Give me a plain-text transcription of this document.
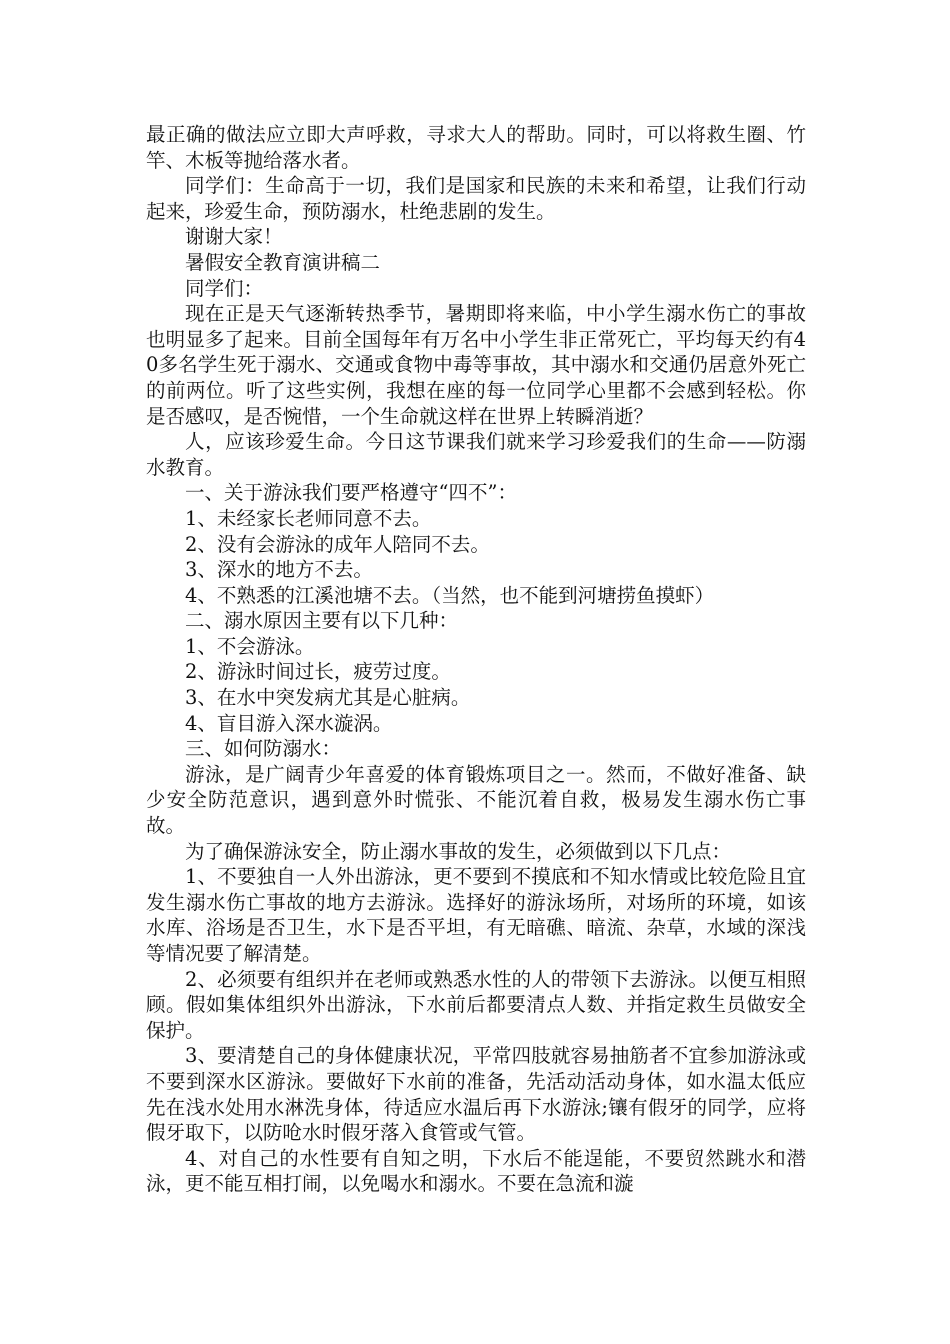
最正确的做法应立即大声呼救，寻求大人的帮助。同时，可以将救生圈、竹竿、木板等抛给落水者。

同学们：生命高于一切，我们是国家和民族的未来和希望，让我们行动起来，珍爱生命，预防溺水，杜绝悲剧的发生。

谢谢大家！

暑假安全教育演讲稿二

同学们：

现在正是天气逐渐转热季节，暑期即将来临，中小学生溺水伤亡的事故也明显多了起来。目前全国每年有万名中小学生非正常死亡，平均每天约有40多名学生死于溺水、交通或食物中毒等事故，其中溺水和交通仍居意外死亡的前两位。听了这些实例，我想在座的每一位同学心里都不会感到轻松。你是否感叹，是否惋惜，一个生命就这样在世界上转瞬消逝？

人，应该珍爱生命。今日这节课我们就来学习珍爱我们的生命——防溺水教育。

一、关于游泳我们要严格遵守“四不”：

1、未经家长老师同意不去。

2、没有会游泳的成年人陪同不去。

3、深水的地方不去。

4、不熟悉的江溪池塘不去。（当然，也不能到河塘捞鱼摸虾）

二、溺水原因主要有以下几种：

1、不会游泳。

2、游泳时间过长，疲劳过度。

3、在水中突发病尤其是心脏病。

4、盲目游入深水漩涡。

三、如何防溺水：

游泳，是广阔青少年喜爱的体育锻炼项目之一。然而，不做好准备、缺少安全防范意识，遇到意外时慌张、不能沉着自救，极易发生溺水伤亡事故。

为了确保游泳安全，防止溺水事故的发生，必须做到以下几点：

1、不要独自一人外出游泳，更不要到不摸底和不知水情或比较危险且宜发生溺水伤亡事故的地方去游泳。选择好的游泳场所，对场所的环境，如该水库、浴场是否卫生，水下是否平坦，有无暗礁、暗流、杂草，水域的深浅等情况要了解清楚。

2、必须要有组织并在老师或熟悉水性的人的带领下去游泳。以便互相照顾。假如集体组织外出游泳，下水前后都要清点人数、并指定救生员做安全保护。

3、要清楚自己的身体健康状况，平常四肢就容易抽筋者不宜参加游泳或不要到深水区游泳。要做好下水前的准备，先活动活动身体，如水温太低应先在浅水处用水淋洗身体，待适应水温后再下水游泳;镶有假牙的同学，应将假牙取下，以防呛水时假牙落入食管或气管。

4、对自己的水性要有自知之明，下水后不能逞能，不要贸然跳水和潜泳，更不能互相打闹，以免喝水和溺水。不要在急流和漩
